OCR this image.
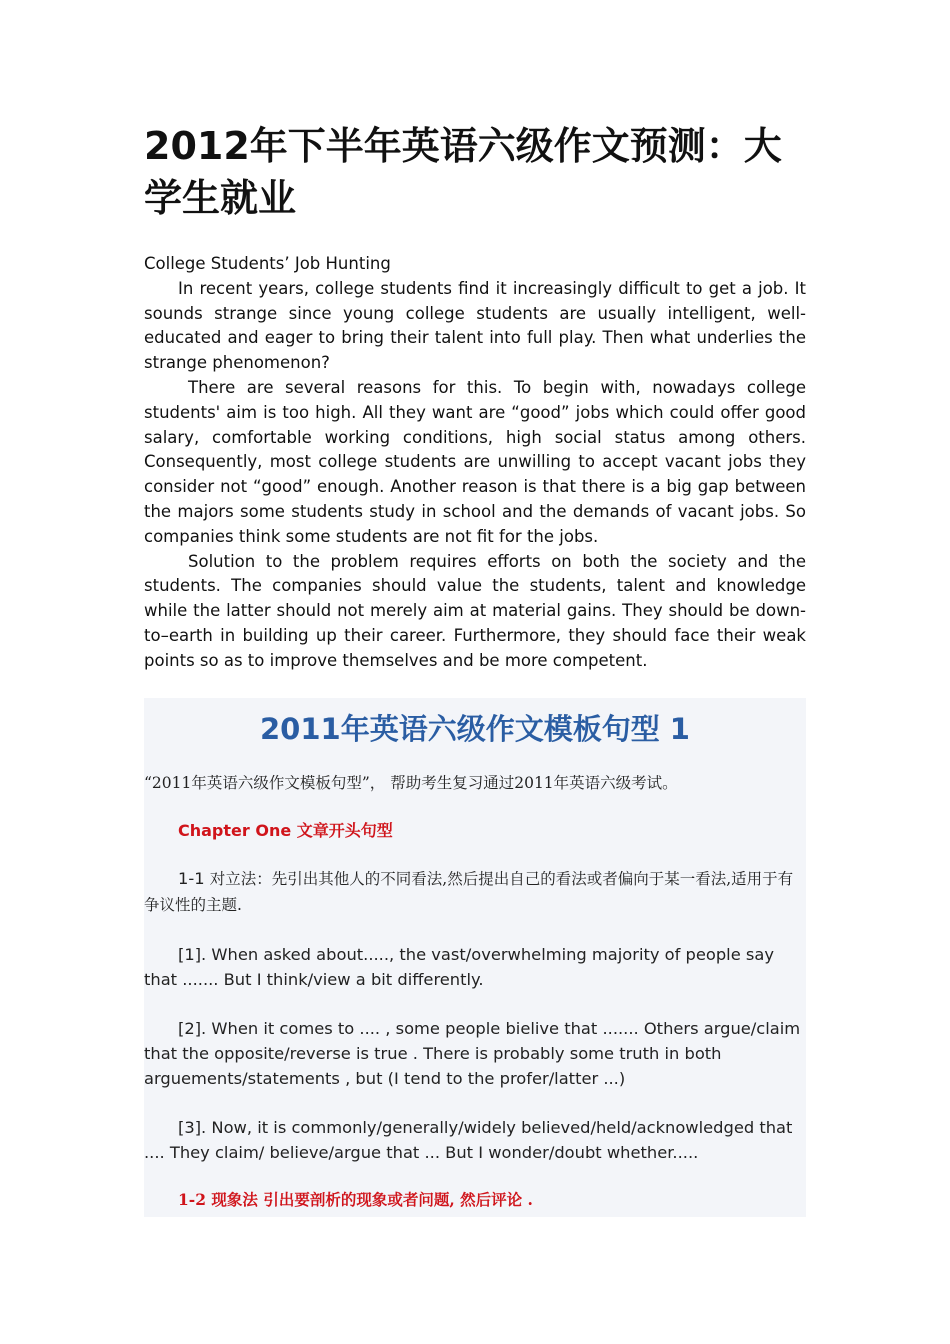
2012年下半年英语六级作文预测：大学生就业

College Students’ Job Hunting

In recent years, college students find it increasingly difficult to get a job. It sounds strange since young college students are usually intelligent, well-educated and eager to bring their talent into full play. Then what underlies the strange phenomenon?

There are several reasons for this. To begin with, nowadays college students' aim is too high. All they want are “good” jobs which could offer good salary, comfortable working conditions, high social status among others. Consequently, most college students are unwilling to accept vacant jobs they consider not “good” enough. Another reason is that there is a big gap between the majors some students study in school and the demands of vacant jobs. So companies think some students are not fit for the jobs.

Solution to the problem requires efforts on both the society and the students. The companies should value the students, talent and knowledge while the latter should not merely aim at material gains. They should be down-to–earth in building up their career. Furthermore, they should face their weak points so as to improve themselves and be more competent.

2011年英语六级作文模板句型 1

“2011年英语六级作文模板句型”， 帮助考生复习通过2011年英语六级考试。

Chapter One 文章开头句型

1-1 对立法：先引出其他人的不同看法,然后提出自己的看法或者偏向于某一看法,适用于有争议性的主题.
[1]. When asked about....., the vast/overwhelming majority of people say that ....... But I think/view a bit differently.
[2]. When it comes to .... , some people bielive that ....... Others argue/claim that the opposite/reverse is true . There is probably some truth in both arguements/statements , but (I tend to the profer/latter ...)
[3]. Now, it is commonly/generally/widely believed/held/acknowledged that .... They claim/ believe/argue that ... But I wonder/doubt whether.....

1-2 现象法 引出要剖析的现象或者问题, 然后评论 .
